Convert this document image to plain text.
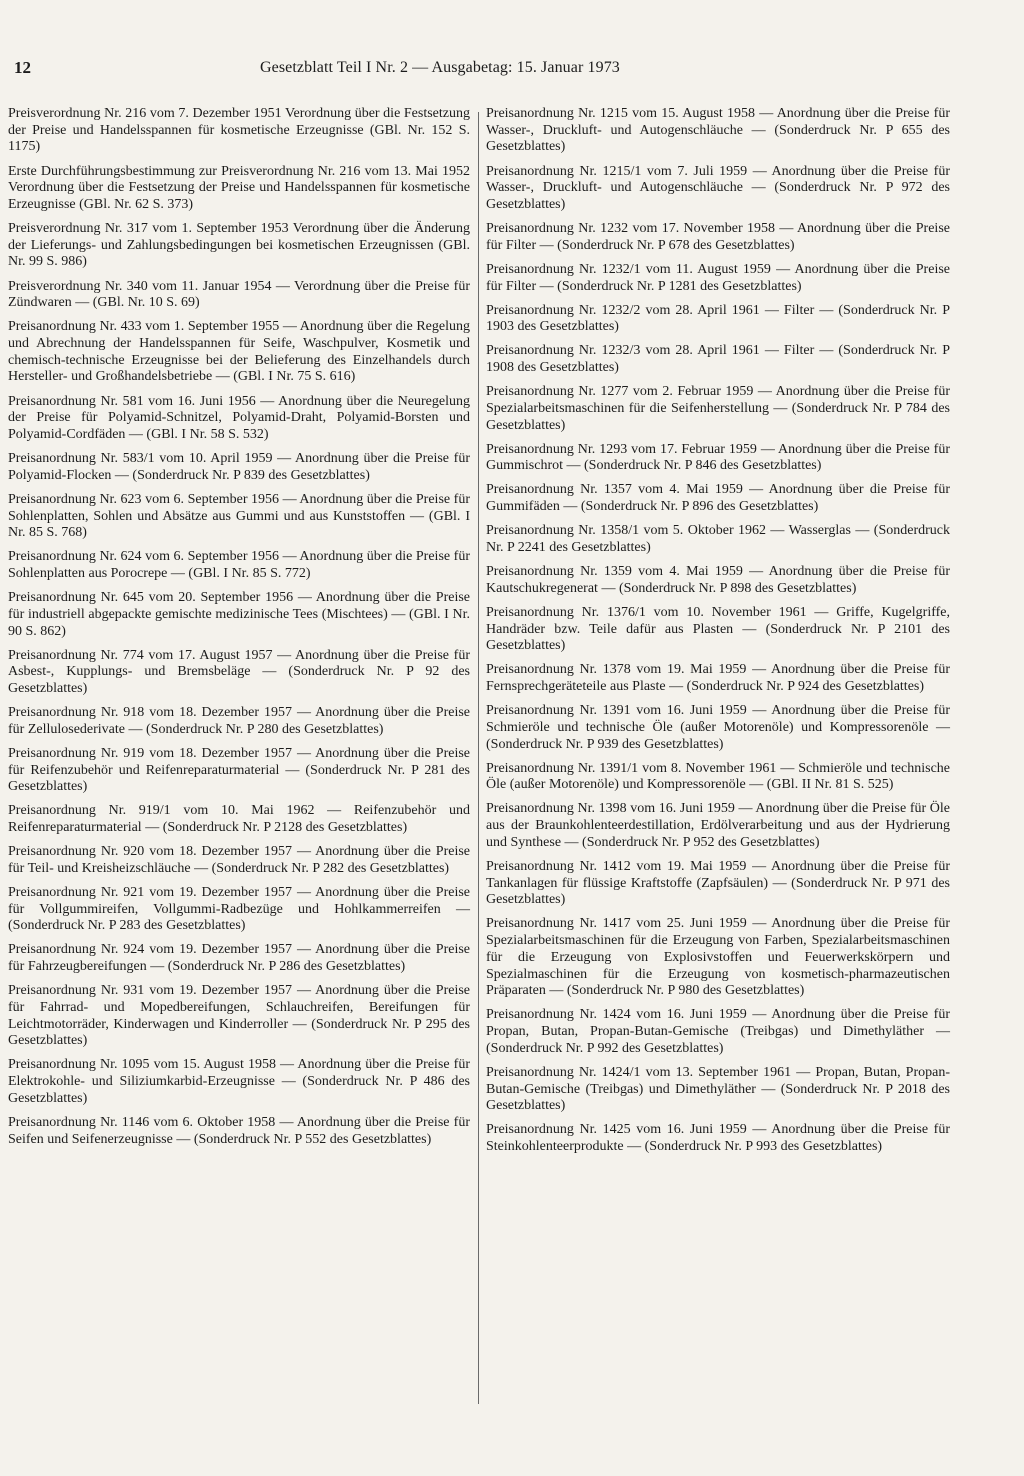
12	Gesetzblatt Teil I Nr. 2 — Ausgabetag: 15. Januar 1973

Preisverordnung Nr. 216 vom 7. Dezember 1951 Verordnung über die Festsetzung der Preise und Handelsspannen für kosmetische Erzeugnisse (GBl. Nr. 152 S. 1175)

Erste Durchführungsbestimmung zur Preisverordnung Nr. 216 vom 13. Mai 1952 Verordnung über die Festsetzung der Preise und Handelsspannen für kosmetische Erzeugnisse (GBl. Nr. 62 S. 373)

Preisverordnung Nr. 317 vom 1. September 1953 Verordnung über die Änderung der Lieferungs- und Zahlungsbedingungen bei kosmetischen Erzeugnissen (GBl. Nr. 99 S. 986)

Preisverordnung Nr. 340 vom 11. Januar 1954 — Verordnung über die Preise für Zündwaren — (GBl. Nr. 10 S. 69)

Preisanordnung Nr. 433 vom 1. September 1955 — Anordnung über die Regelung und Abrechnung der Handelsspannen für Seife, Waschpulver, Kosmetik und chemisch-technische Erzeugnisse bei der Belieferung des Einzelhandels durch Hersteller- und Großhandelsbetriebe — (GBl. I Nr. 75 S. 616)

Preisanordnung Nr. 581 vom 16. Juni 1956 — Anordnung über die Neuregelung der Preise für Polyamid-Schnitzel, Polyamid-Draht, Polyamid-Borsten und Polyamid-Cordfäden — (GBl. I Nr. 58 S. 532)

Preisanordnung Nr. 583/1 vom 10. April 1959 — Anordnung über die Preise für Polyamid-Flocken — (Sonderdruck Nr. P 839 des Gesetzblattes)

Preisanordnung Nr. 623 vom 6. September 1956 — Anordnung über die Preise für Sohlenplatten, Sohlen und Absätze aus Gummi und aus Kunststoffen — (GBl. I Nr. 85 S. 768)

Preisanordnung Nr. 624 vom 6. September 1956 — Anordnung über die Preise für Sohlenplatten aus Porocrepe — (GBl. I Nr. 85 S. 772)

Preisanordnung Nr. 645 vom 20. September 1956 — Anordnung über die Preise für industriell abgepackte gemischte medizinische Tees (Mischtees) — (GBl. I Nr. 90 S. 862)

Preisanordnung Nr. 774 vom 17. August 1957 — Anordnung über die Preise für Asbest-, Kupplungs- und Bremsbeläge — (Sonderdruck Nr. P 92 des Gesetzblattes)

Preisanordnung Nr. 918 vom 18. Dezember 1957 — Anordnung über die Preise für Zellulosederivate — (Sonderdruck Nr. P 280 des Gesetzblattes)

Preisanordnung Nr. 919 vom 18. Dezember 1957 — Anordnung über die Preise für Reifenzubehör und Reifenreparaturmaterial — (Sonderdruck Nr. P 281 des Gesetzblattes)

Preisanordnung Nr. 919/1 vom 10. Mai 1962 — Reifenzubehör und Reifenreparaturmaterial — (Sonderdruck Nr. P 2128 des Gesetzblattes)

Preisanordnung Nr. 920 vom 18. Dezember 1957 — Anordnung über die Preise für Teil- und Kreisheizschläuche — (Sonderdruck Nr. P 282 des Gesetzblattes)

Preisanordnung Nr. 921 vom 19. Dezember 1957 — Anordnung über die Preise für Vollgummireifen, Vollgummi-Radbezüge und Hohlkammerreifen — (Sonderdruck Nr. P 283 des Gesetzblattes)

Preisanordnung Nr. 924 vom 19. Dezember 1957 — Anordnung über die Preise für Fahrzeugbereifungen — (Sonderdruck Nr. P 286 des Gesetzblattes)

Preisanordnung Nr. 931 vom 19. Dezember 1957 — Anordnung über die Preise für Fahrrad- und Mopedbereifungen, Schlauchreifen, Bereifungen für Leichtmotorräder, Kinderwagen und Kinderroller — (Sonderdruck Nr. P 295 des Gesetzblattes)

Preisanordnung Nr. 1095 vom 15. August 1958 — Anordnung über die Preise für Elektrokohle- und Siliziumkarbid-Erzeugnisse — (Sonderdruck Nr. P 486 des Gesetzblattes)

Preisanordnung Nr. 1146 vom 6. Oktober 1958 — Anordnung über die Preise für Seifen und Seifenerzeugnisse — (Sonderdruck Nr. P 552 des Gesetzblattes)

Preisanordnung Nr. 1215 vom 15. August 1958 — Anordnung über die Preise für Wasser-, Druckluft- und Autogenschläuche — (Sonderdruck Nr. P 655 des Gesetzblattes)

Preisanordnung Nr. 1215/1 vom 7. Juli 1959 — Anordnung über die Preise für Wasser-, Druckluft- und Autogenschläuche — (Sonderdruck Nr. P 972 des Gesetzblattes)

Preisanordnung Nr. 1232 vom 17. November 1958 — Anordnung über die Preise für Filter — (Sonderdruck Nr. P 678 des Gesetzblattes)

Preisanordnung Nr. 1232/1 vom 11. August 1959 — Anordnung über die Preise für Filter — (Sonderdruck Nr. P 1281 des Gesetzblattes)

Preisanordnung Nr. 1232/2 vom 28. April 1961 — Filter — (Sonderdruck Nr. P 1903 des Gesetzblattes)

Preisanordnung Nr. 1232/3 vom 28. April 1961 — Filter — (Sonderdruck Nr. P 1908 des Gesetzblattes)

Preisanordnung Nr. 1277 vom 2. Februar 1959 — Anordnung über die Preise für Spezialarbeitsmaschinen für die Seifenherstellung — (Sonderdruck Nr. P 784 des Gesetzblattes)

Preisanordnung Nr. 1293 vom 17. Februar 1959 — Anordnung über die Preise für Gummischrot — (Sonderdruck Nr. P 846 des Gesetzblattes)

Preisanordnung Nr. 1357 vom 4. Mai 1959 — Anordnung über die Preise für Gummifäden — (Sonderdruck Nr. P 896 des Gesetzblattes)

Preisanordnung Nr. 1358/1 vom 5. Oktober 1962 — Wasserglas — (Sonderdruck Nr. P 2241 des Gesetzblattes)

Preisanordnung Nr. 1359 vom 4. Mai 1959 — Anordnung über die Preise für Kautschukregenerat — (Sonderdruck Nr. P 898 des Gesetzblattes)

Preisanordnung Nr. 1376/1 vom 10. November 1961 — Griffe, Kugelgriffe, Handräder bzw. Teile dafür aus Plasten — (Sonderdruck Nr. P 2101 des Gesetzblattes)

Preisanordnung Nr. 1378 vom 19. Mai 1959 — Anordnung über die Preise für Fernsprechgeräteteile aus Plaste — (Sonderdruck Nr. P 924 des Gesetzblattes)

Preisanordnung Nr. 1391 vom 16. Juni 1959 — Anordnung über die Preise für Schmieröle und technische Öle (außer Motorenöle) und Kompressorenöle — (Sonderdruck Nr. P 939 des Gesetzblattes)

Preisanordnung Nr. 1391/1 vom 8. November 1961 — Schmieröle und technische Öle (außer Motorenöle) und Kompressorenöle — (GBl. II Nr. 81 S. 525)

Preisanordnung Nr. 1398 vom 16. Juni 1959 — Anordnung über die Preise für Öle aus der Braunkohlenteerdestillation, Erdölverarbeitung und aus der Hydrierung und Synthese — (Sonderdruck Nr. P 952 des Gesetzblattes)

Preisanordnung Nr. 1412 vom 19. Mai 1959 — Anordnung über die Preise für Tankanlagen für flüssige Kraftstoffe (Zapfsäulen) — (Sonderdruck Nr. P 971 des Gesetzblattes)

Preisanordnung Nr. 1417 vom 25. Juni 1959 — Anordnung über die Preise für Spezialarbeitsmaschinen für die Erzeugung von Farben, Spezialarbeitsmaschinen für die Erzeugung von Explosivstoffen und Feuerwerkskörpern und Spezialmaschinen für die Erzeugung von kosmetisch-pharmazeutischen Präparaten — (Sonderdruck Nr. P 980 des Gesetzblattes)

Preisanordnung Nr. 1424 vom 16. Juni 1959 — Anordnung über die Preise für Propan, Butan, Propan-Butan-Gemische (Treibgas) und Dimethyläther — (Sonderdruck Nr. P 992 des Gesetzblattes)

Preisanordnung Nr. 1424/1 vom 13. September 1961 — Propan, Butan, Propan-Butan-Gemische (Treibgas) und Dimethyläther — (Sonderdruck Nr. P 2018 des Gesetzblattes)

Preisanordnung Nr. 1425 vom 16. Juni 1959 — Anordnung über die Preise für Steinkohlenteerprodukte — (Sonderdruck Nr. P 993 des Gesetzblattes)
